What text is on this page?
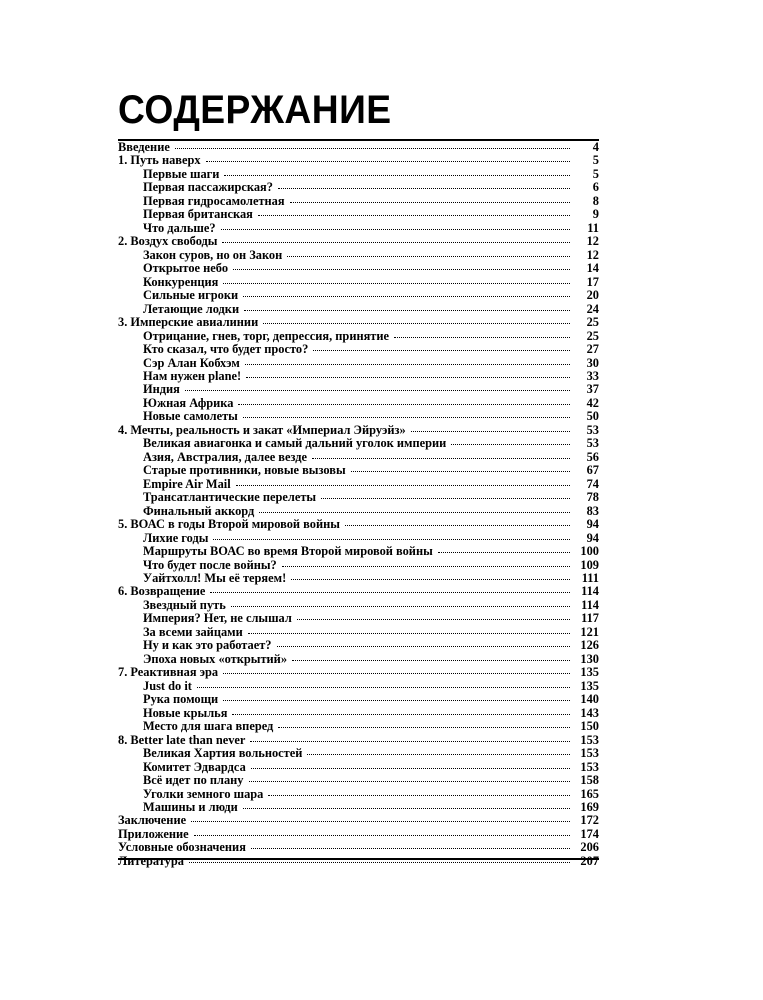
СОДЕРЖАНИЕ
Введение	4
1. Путь наверх	5
Первые шаги	5
Первая пассажирская?	6
Первая гидросамолетная	8
Первая британская	9
Что дальше?	11
2. Воздух свободы	12
Закон суров, но он Закон	12
Открытое небо	14
Конкуренция	17
Сильные игроки	20
Летающие лодки	24
3. Имперские авиалинии	25
Отрицание, гнев, торг, депрессия, принятие	25
Кто сказал, что будет просто?	27
Сэр Алан Кобхэм	30
Нам нужен plane!	33
Индия	37
Южная Африка	42
Новые самолеты	50
4. Мечты, реальность и закат «Империал Эйруэйз»	53
Великая авиагонка и самый дальний уголок империи	53
Азия, Австралия, далее везде	56
Старые противники, новые вызовы	67
Empire Air Mail	74
Трансатлантические перелеты	78
Финальный аккорд	83
5. ВОАС в годы Второй мировой войны	94
Лихие годы	94
Маршруты ВОАС во время Второй мировой войны	100
Что будет после войны?	109
Уайтхолл! Мы её теряем!	111
6. Возвращение	114
Звездный путь	114
Империя? Нет, не слышал	117
За всеми зайцами	121
Ну и как это работает?	126
Эпоха новых «открытий»	130
7. Реактивная эра	135
Just do it	135
Рука помощи	140
Новые крылья	143
Место для шага вперед	150
8. Better late than never	153
Великая Хартия вольностей	153
Комитет Эдвардса	153
Всё идет по плану	158
Уголки земного шара	165
Машины и люди	169
Заключение	172
Приложение	174
Условные обозначения	206
Литература	207
